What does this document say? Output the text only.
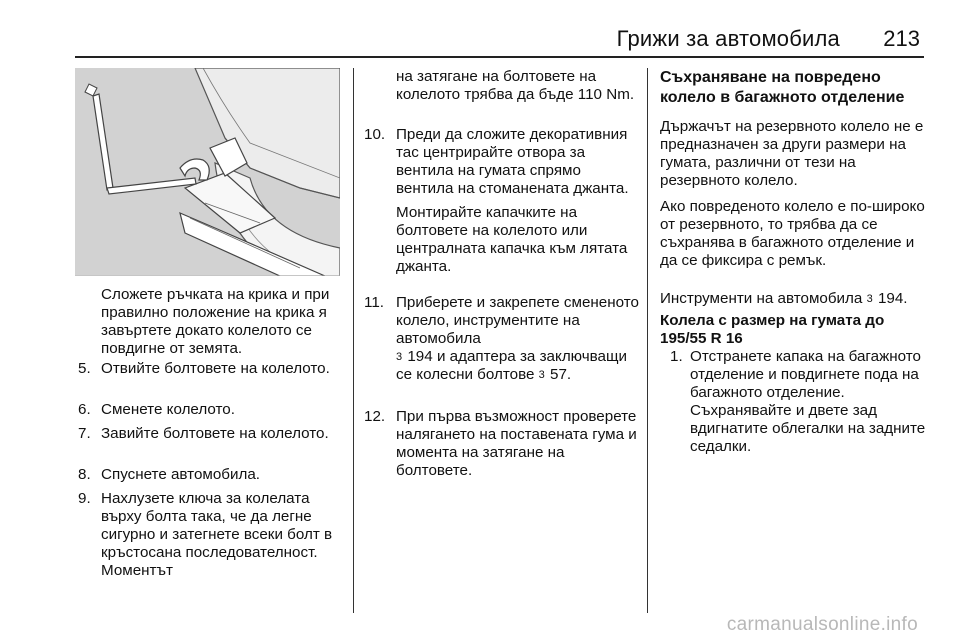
Грижи за автомобила 213
Сложете ръчката на крика и при правилно положение на крика я завъртете докато колелото се повдигне от земята.
5. Отвийте болтовете на колелото.
6. Сменете колелото.
7. Завийте болтовете на колелото.
8. Спуснете автомобила.
9. Нахлузете ключа за колелата върху болта така, че да легне сигурно и затегнете всеки болт в кръстосана последователност. Моментът
на затягане на болтовете на колелото трябва да бъде 110 Nm.
10. Преди да сложите декоративния тас центрирайте отвора за вентила на гумата спрямо вентила на стоманената джанта.
Монтирайте капачките на болтовете на колелото или централната капачка към лятата джанта.
11. Приберете и закрепете смененото колело, инструментите на автомобила
3 194 и адаптера за заключващи се колесни болтове 3 57.
12. При първа възможност проверете налягането на поставената гума и момента на затягане на болтовете.

Съхраняване на повредено колело в багажното отделение

Държачът на резервното колело не е предназначен за други размери на гумата, различни от тези на резервното колело.

Ако повреденото колело е по-широко от резервното, то трябва да се съхранява в багажното отделение и да се фиксира с ремък.

Инструменти на автомобила 3 194.

Колела с размер на гумата до 195/55 R 16

1. Отстранете капака на багажното отделение и повдигнете пода на багажното отделение. Съхранявайте и двете зад вдигнатите облегалки на задните седалки.
carmanualsonline.info
